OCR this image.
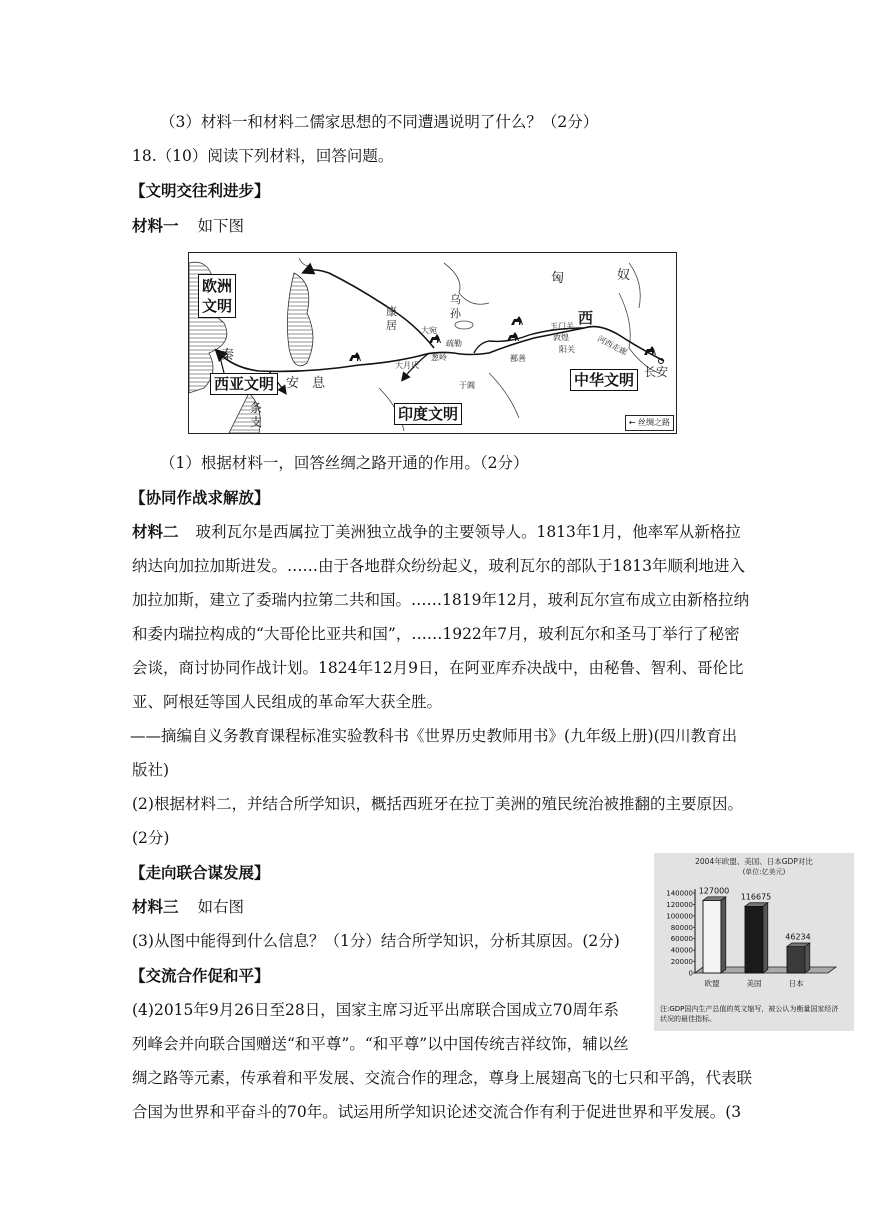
（3）材料一和材料二儒家思想的不同遭遇说明了什么？（2分）
18.（10）阅读下列材料，回答问题。
【文明交往利进步】
材料一 如下图
欧洲
文明
西亚文明
印度文明
中华文明
秦
安　息
条
支
匈	奴
西
康
居
乌
孙
大宛
葱岭
疏勒
大月氏
于阗
鄯善
玉门关
敦煌
阳关	河西走廊
长安
← 丝绸之路
（1）根据材料一，回答丝绸之路开通的作用。（2分）
【协同作战求解放】
材料二 玻利瓦尔是西属拉丁美洲独立战争的主要领导人。1813年1月，他率军从新格拉
纳达向加拉加斯进发。……由于各地群众纷纷起义，玻利瓦尔的部队于1813年顺利地进入
加拉加斯，建立了委瑞内拉第二共和国。……1819年12月，玻利瓦尔宣布成立由新格拉纳
和委内瑞拉构成的“大哥伦比亚共和国”，……1922年7月，玻利瓦尔和圣马丁举行了秘密
会谈，商讨协同作战计划。1824年12月9日，在阿亚库乔决战中，由秘鲁、智利、哥伦比
亚、阿根廷等国人民组成的革命军大获全胜。
——摘编自义务教育课程标准实验教科书《世界历史教师用书》(九年级上册)(四川教育出
版社)
(2)根据材料二，并结合所学知识，概括西班牙在拉丁美洲的殖民统治被推翻的主要原因。
(2分)
【走向联合谋发展】
材料三 如右图
(3)从图中能得到什么信息？（1分）结合所学知识，分析其原因。(2分)
【交流合作促和平】
(4)2015年9月26日至28日，国家主席习近平出席联合国成立70周年系
列峰会并向联合国赠送“和平尊”。“和平尊”以中国传统吉祥纹饰，辅以丝
绸之路等元素，传承着和平发展、交流合作的理念，尊身上展翅高飞的七只和平鸽，代表联
合国为世界和平奋斗的70年。试运用所学知识论述交流合作有利于促进世界和平发展。(3
2004年欧盟、美国、日本GDP对比
(单位:亿美元)
140000
120000
100000
80000
60000
40000
20000
0
127000
欧盟
116675
美国
46234
日本
注:GDP国内生产总值的英文缩写，被公认为衡量国家经济
状况的最佳指标。
